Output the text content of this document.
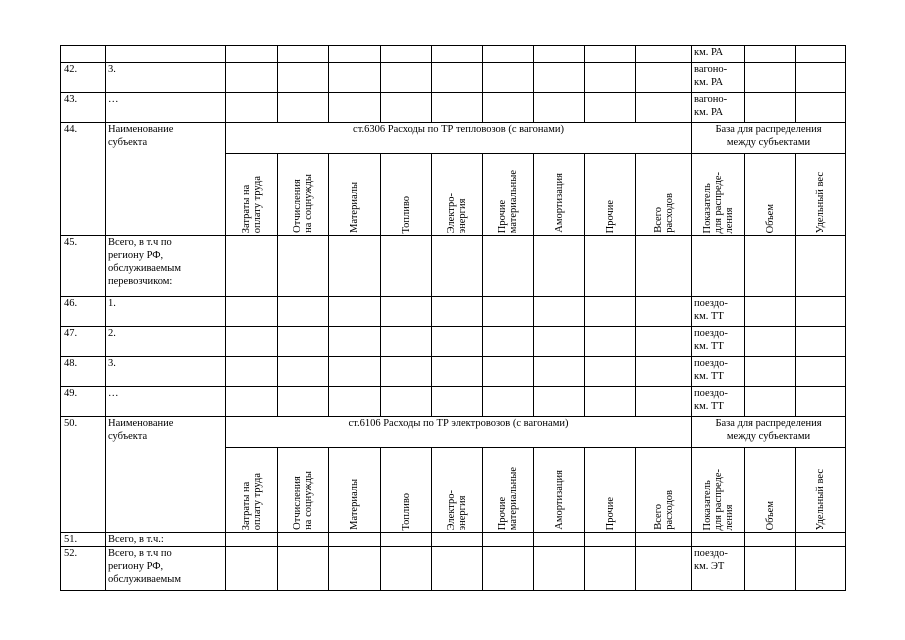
											км. РА		

42.	3.										вагоно-
км. РА		

43.	…										вагоно-
км. РА		

44.	Наименование
субъекта	ст.6306 Расходы по ТР тепловозов (с вагонами)									База для распределения
между субъектами		

		Затраты на оплату труда	Отчисления на соцнужды	Материалы	Топливо	Электро- энергия	Прочие материальные	Амортизация	Прочие	Всего расходов	Показатель для распреде- ления	Объем	Удельный вес

45.	Всего, в т.ч по
региону РФ,
обслуживаемым
перевозчиком:												

46.	1.										поездо-
км. ТТ		

47.	2.										поездо-
км. ТТ		

48.	3.										поездо-
км. ТТ		

49.	…										поездо-
км. ТТ		

50.	Наименование
субъекта	ст.6106 Расходы по ТР электровозов (с вагонами)									База для распределения
между субъектами		

		Затраты на оплату труда	Отчисления на соцнужды	Материалы	Топливо	Электро- энергия	Прочие материальные	Амортизация	Прочие	Всего расходов	Показатель для распреде- ления	Объем	Удельный вес

51.	Всего, в т.ч.:												

52.	Всего, в т.ч по
региону РФ,
обслуживаемым										поездо-
км. ЭТ		
